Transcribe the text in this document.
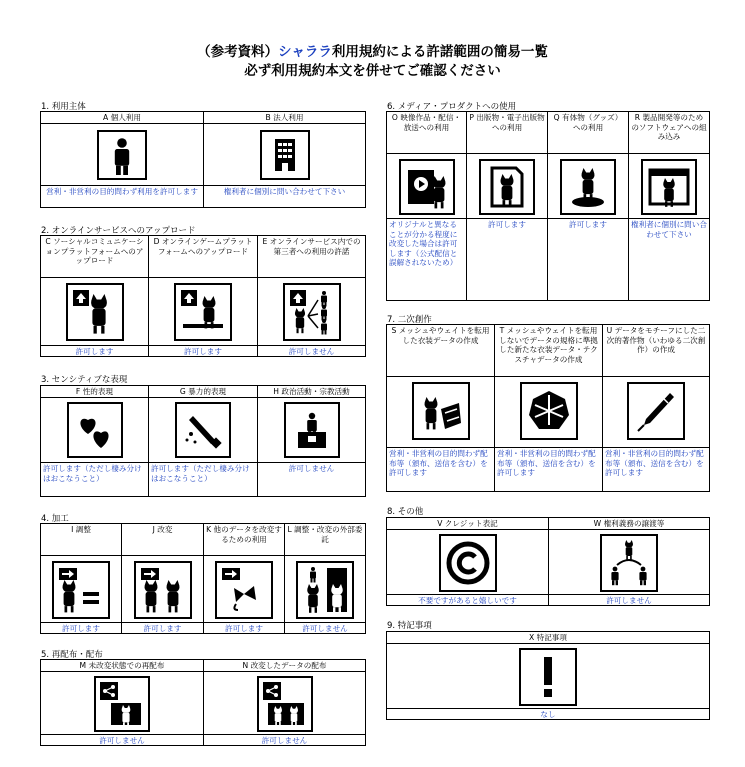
（参考資料）シャララ利用規約による許諾範囲の簡易一覧
必ず利用規約本文を併せてご確認ください
1. 利用主体
A 個人利用
営利・非営利の目的問わず利用を許可します
B 法人利用
権利者に個別に問い合わせて下さい
2. オンラインサービスへのアップロード
C ソーシャルコミュニケーションプラットフォームへのアップロード
許可します
D オンラインゲームプラットフォームへのアップロード
許可します
E オンラインサービス内での第三者への利用の許諾
許可しません
3. センシティブな表現
F 性的表現
許可します（ただし棲み分けはおこなうこと）
G 暴力的表現
許可します（ただし棲み分けはおこなうこと）
H 政治活動・宗教活動
許可しません
4. 加工
I 調整
許可します
J 改変
許可します
K 他のデータを改変するための利用
許可します
L 調整・改変の外部委託
許可しません
5. 再配布・配布
M 未改変状態での再配布
許可しません
N 改変したデータの配布
許可しません
6. メディア・プロダクトへの使用
O 映像作品・配信・放送への利用
オリジナルと異なることが分かる程度に改変した場合は許可します（公式配信と誤解されないため）
P 出版物・電子出版物への利用
許可します
Q 有体物（グッズ）への利用
許可します
R 製品開発等のためのソフトウェアへの組み込み
権利者に個別に問い合わせて下さい
7. 二次創作
S メッシュやウェイトを転用した衣装データの作成
営利・非営利の目的問わず配布等（頒布、送信を含む）を許可します
T メッシュやウェイトを転用しないでデータの規格に準拠した新たな衣装データ・テクスチャデータの作成
営利・非営利の目的問わず配布等（頒布、送信を含む）を許可します
U データをモチーフにした二次的著作物（いわゆる二次創作）の作成
営利・非営利の目的問わず配布等（頒布、送信を含む）を許可します
8. その他
V クレジット表記
不要ですがあると嬉しいです
W 権利義務の譲渡等
許可しません
9. 特記事項
X 特記事項
なし
